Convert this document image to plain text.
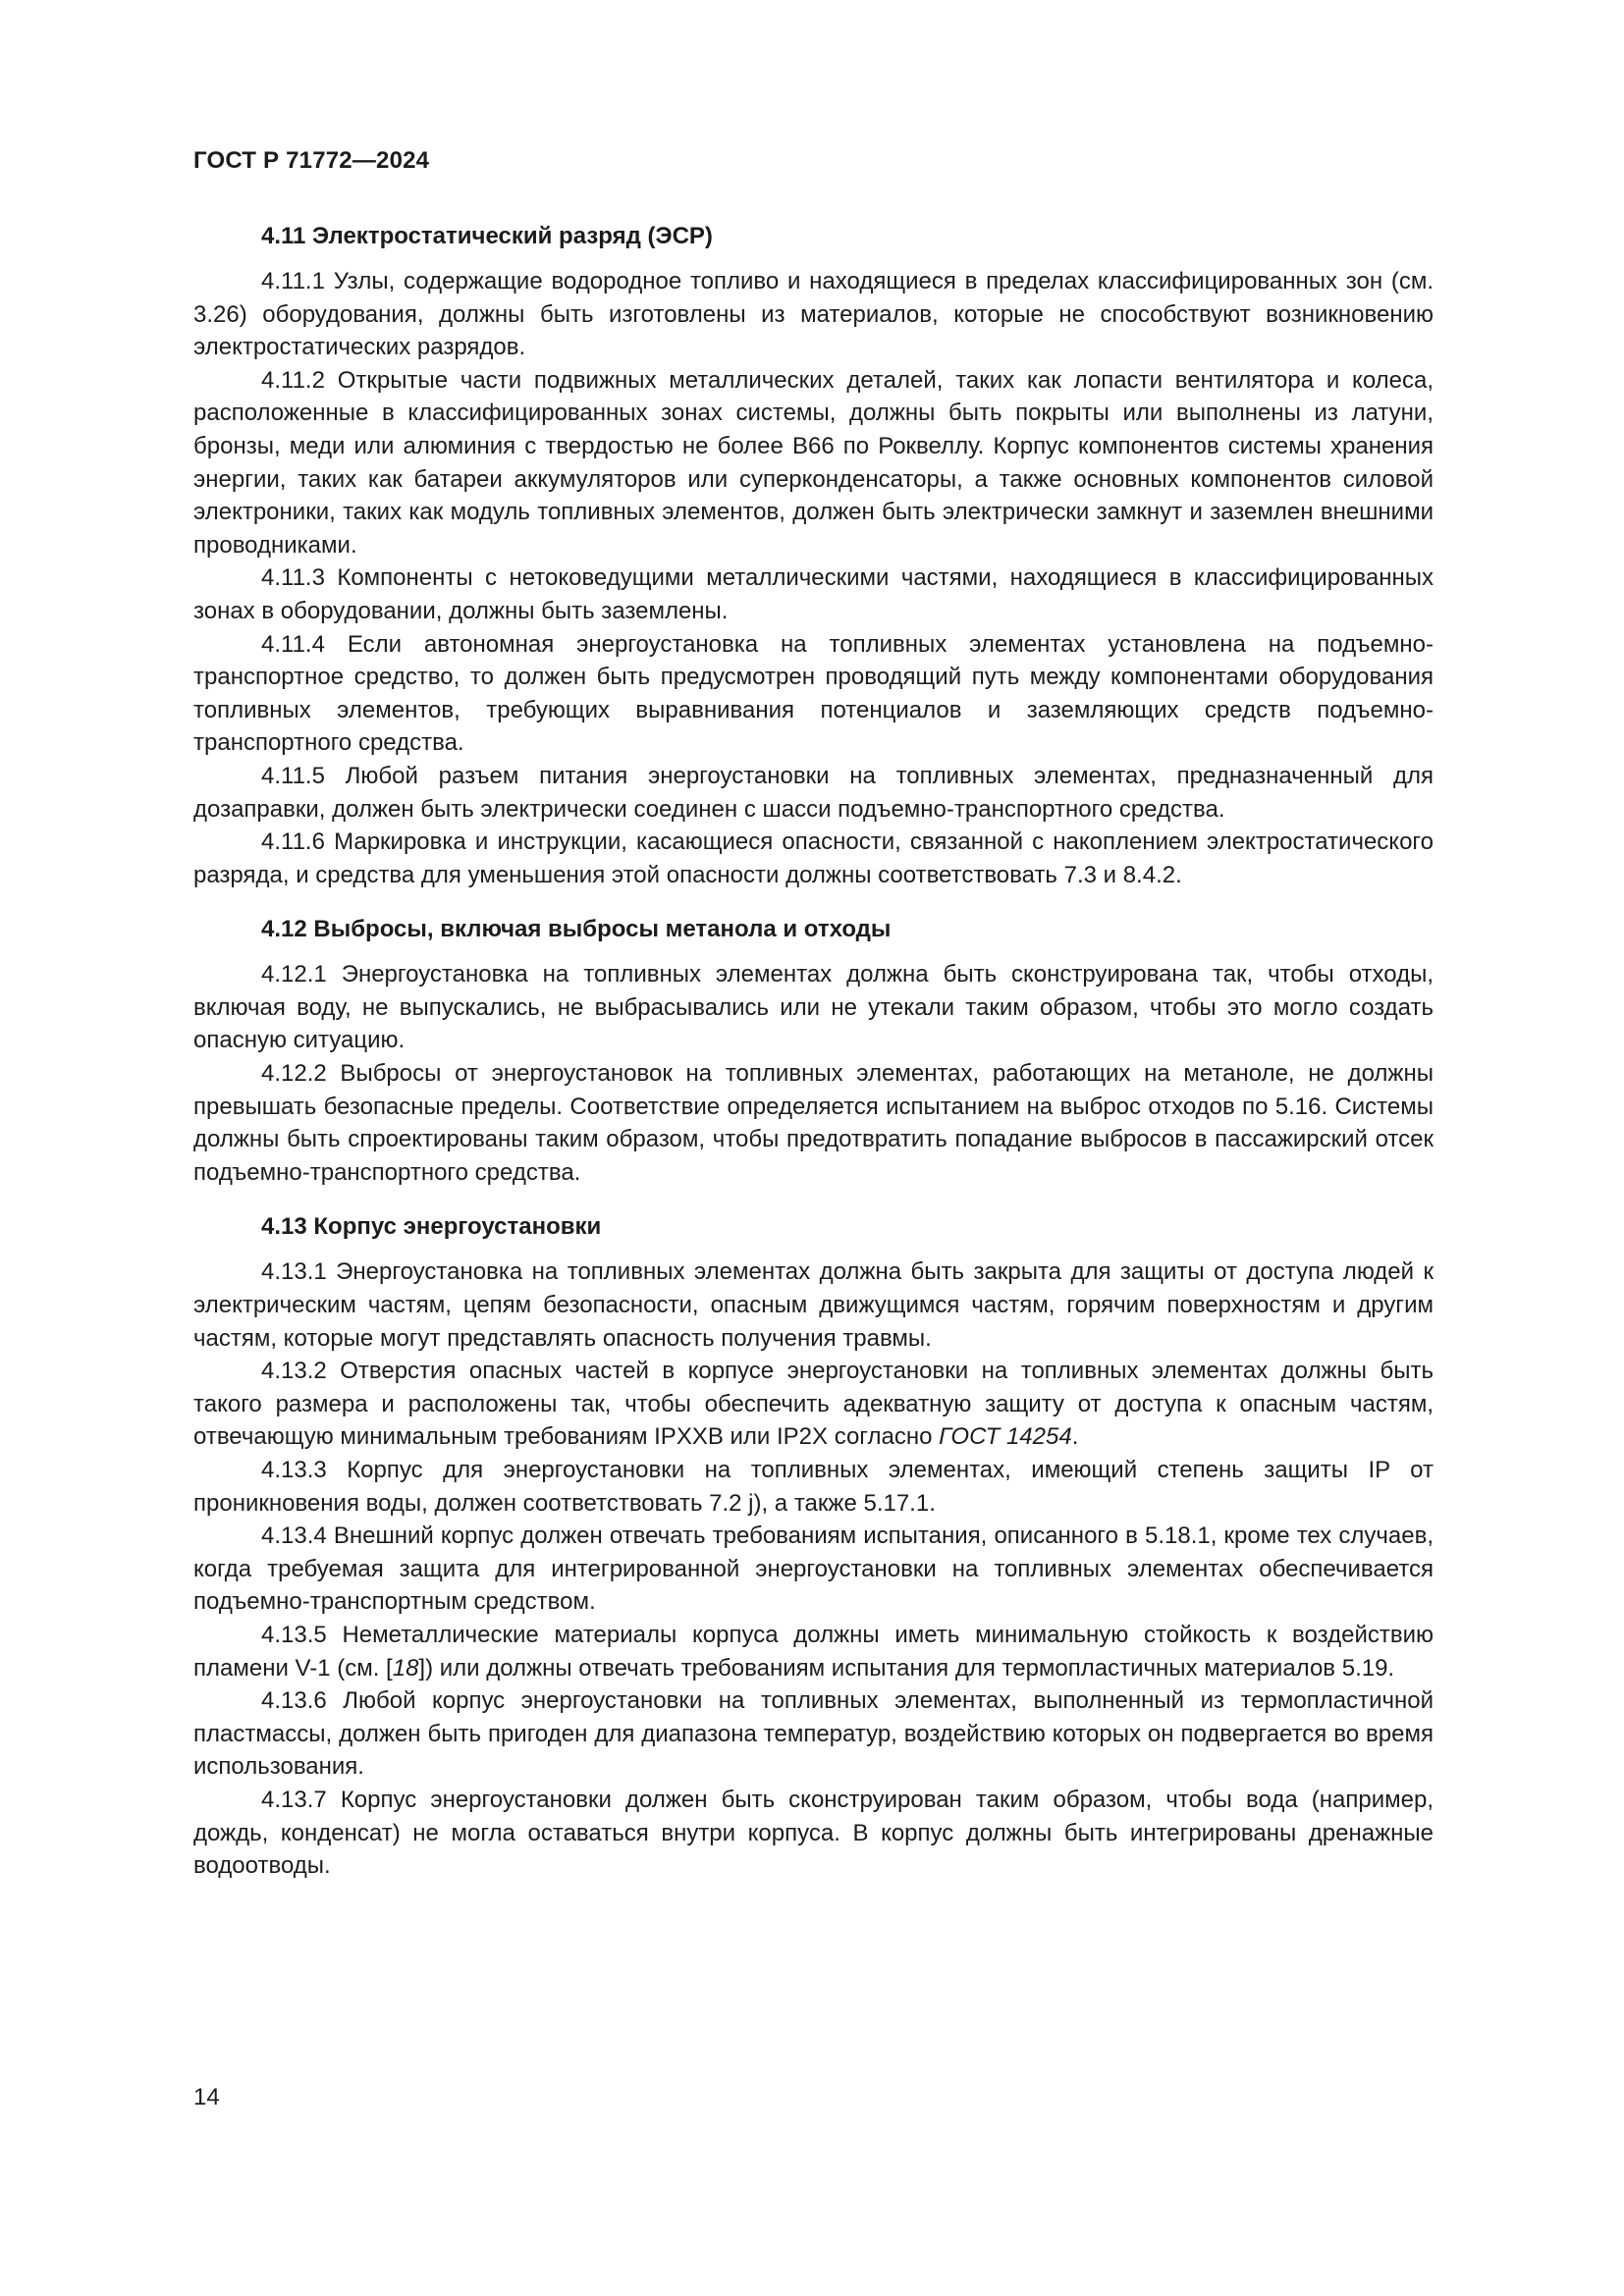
ГОСТ Р 71772—2024

4.11 Электростатический разряд (ЭСР)

4.11.1 Узлы, содержащие водородное топливо и находящиеся в пределах классифицированных зон (см. 3.26) оборудования, должны быть изготовлены из материалов, которые не способствуют возникновению электростатических разрядов.

4.11.2 Открытые части подвижных металлических деталей, таких как лопасти вентилятора и колеса, расположенные в классифицированных зонах системы, должны быть покрыты или выполнены из латуни, бронзы, меди или алюминия с твердостью не более B66 по Роквеллу. Корпус компонентов системы хранения энергии, таких как батареи аккумуляторов или суперконденсаторы, а также основных компонентов силовой электроники, таких как модуль топливных элементов, должен быть электрически замкнут и заземлен внешними проводниками.

4.11.3 Компоненты с нетоковедущими металлическими частями, находящиеся в классифицированных зонах в оборудовании, должны быть заземлены.

4.11.4 Если автономная энергоустановка на топливных элементах установлена на подъемно-транспортное средство, то должен быть предусмотрен проводящий путь между компонентами оборудования топливных элементов, требующих выравнивания потенциалов и заземляющих средств подъемно-транспортного средства.

4.11.5 Любой разъем питания энергоустановки на топливных элементах, предназначенный для дозаправки, должен быть электрически соединен с шасси подъемно-транспортного средства.

4.11.6 Маркировка и инструкции, касающиеся опасности, связанной с накоплением электростатического разряда, и средства для уменьшения этой опасности должны соответствовать 7.3 и 8.4.2.

4.12 Выбросы, включая выбросы метанола и отходы

4.12.1 Энергоустановка на топливных элементах должна быть сконструирована так, чтобы отходы, включая воду, не выпускались, не выбрасывались или не утекали таким образом, чтобы это могло создать опасную ситуацию.

4.12.2 Выбросы от энергоустановок на топливных элементах, работающих на метаноле, не должны превышать безопасные пределы. Соответствие определяется испытанием на выброс отходов по 5.16. Системы должны быть спроектированы таким образом, чтобы предотвратить попадание выбросов в пассажирский отсек подъемно-транспортного средства.

4.13 Корпус энергоустановки

4.13.1 Энергоустановка на топливных элементах должна быть закрыта для защиты от доступа людей к электрическим частям, цепям безопасности, опасным движущимся частям, горячим поверхностям и другим частям, которые могут представлять опасность получения травмы.

4.13.2 Отверстия опасных частей в корпусе энергоустановки на топливных элементах должны быть такого размера и расположены так, чтобы обеспечить адекватную защиту от доступа к опасным частям, отвечающую минимальным требованиям IPXXB или IP2X согласно ГОСТ 14254.

4.13.3 Корпус для энергоустановки на топливных элементах, имеющий степень защиты IP от проникновения воды, должен соответствовать 7.2 j), а также 5.17.1.

4.13.4 Внешний корпус должен отвечать требованиям испытания, описанного в 5.18.1, кроме тех случаев, когда требуемая защита для интегрированной энергоустановки на топливных элементах обеспечивается подъемно-транспортным средством.

4.13.5 Неметаллические материалы корпуса должны иметь минимальную стойкость к воздействию пламени V-1 (см. [18]) или должны отвечать требованиям испытания для термопластичных материалов 5.19.

4.13.6 Любой корпус энергоустановки на топливных элементах, выполненный из термопластичной пластмассы, должен быть пригоден для диапазона температур, воздействию которых он подвергается во время использования.

4.13.7 Корпус энергоустановки должен быть сконструирован таким образом, чтобы вода (например, дождь, конденсат) не могла оставаться внутри корпуса. В корпус должны быть интегрированы дренажные водоотводы.

14
